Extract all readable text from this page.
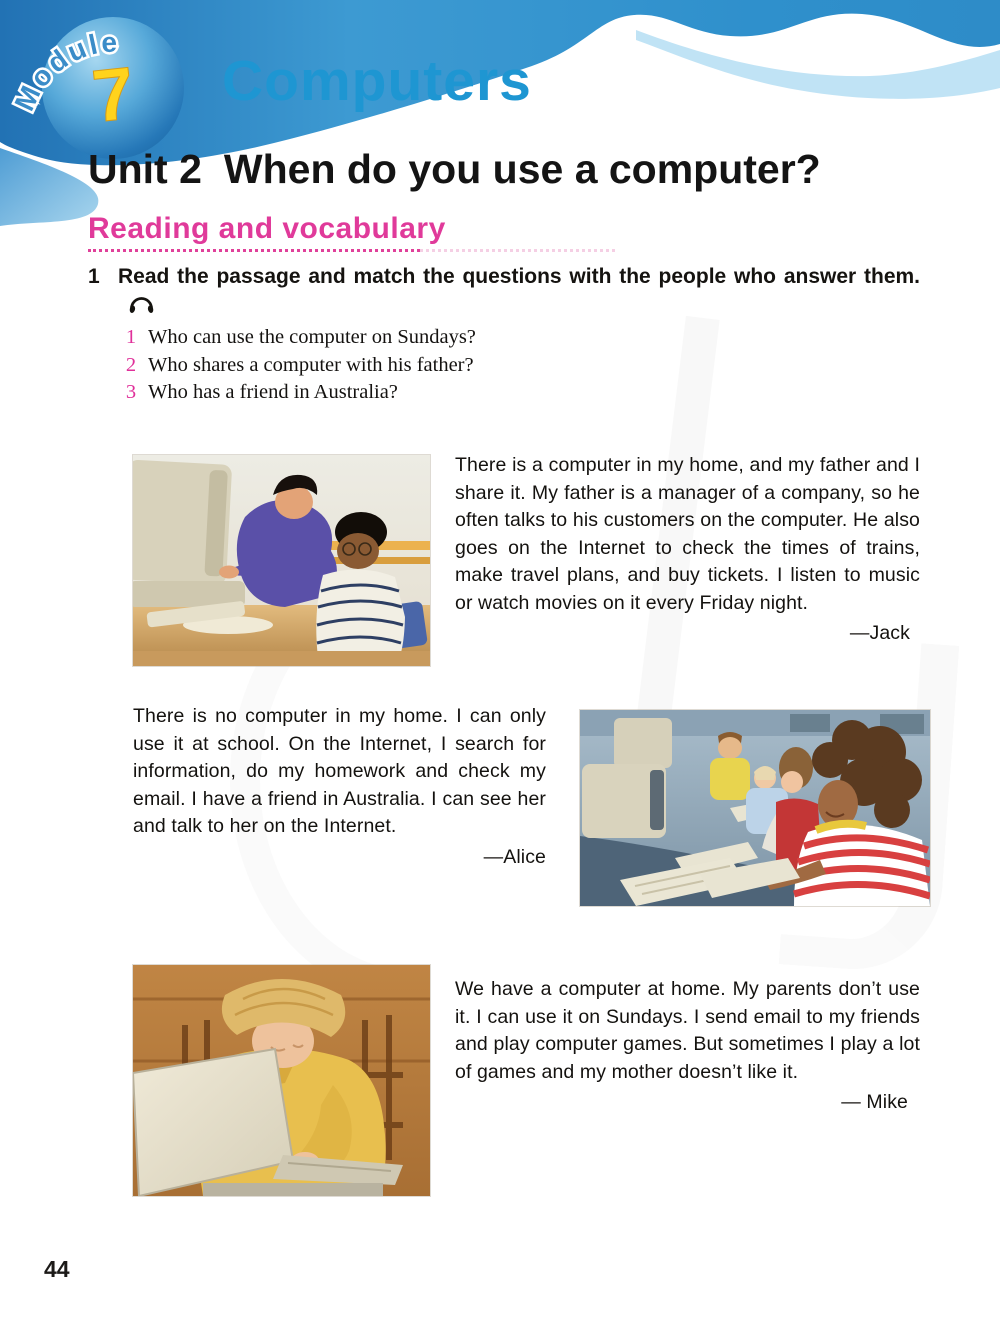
7
Module
Computers
Unit 2 When do you use a computer?
Reading and vocabulary
1 Read the passage and match the questions with the people who answer them.
1 Who can use the computer on Sundays?
2 Who shares a computer with his father?
3 Who has a friend in Australia?
There is a computer in my home, and my father and I share it. My father is a manager of a company, so he often talks to his customers on the computer. He also goes on the Internet to check the times of trains, make travel plans, and buy tickets. I listen to music or watch movies on it every Friday night.
—Jack
There is no computer in my home. I can only use it at school. On the Internet, I search for information, do my homework and check my email. I have a friend in Australia. I can see her and talk to her on the Internet.
—Alice
We have a computer at home. My parents don’t use it. I can use it on Sundays. I send email to my friends and play computer games. But sometimes I play a lot of games and my mother doesn’t like it.
— Mike
44
